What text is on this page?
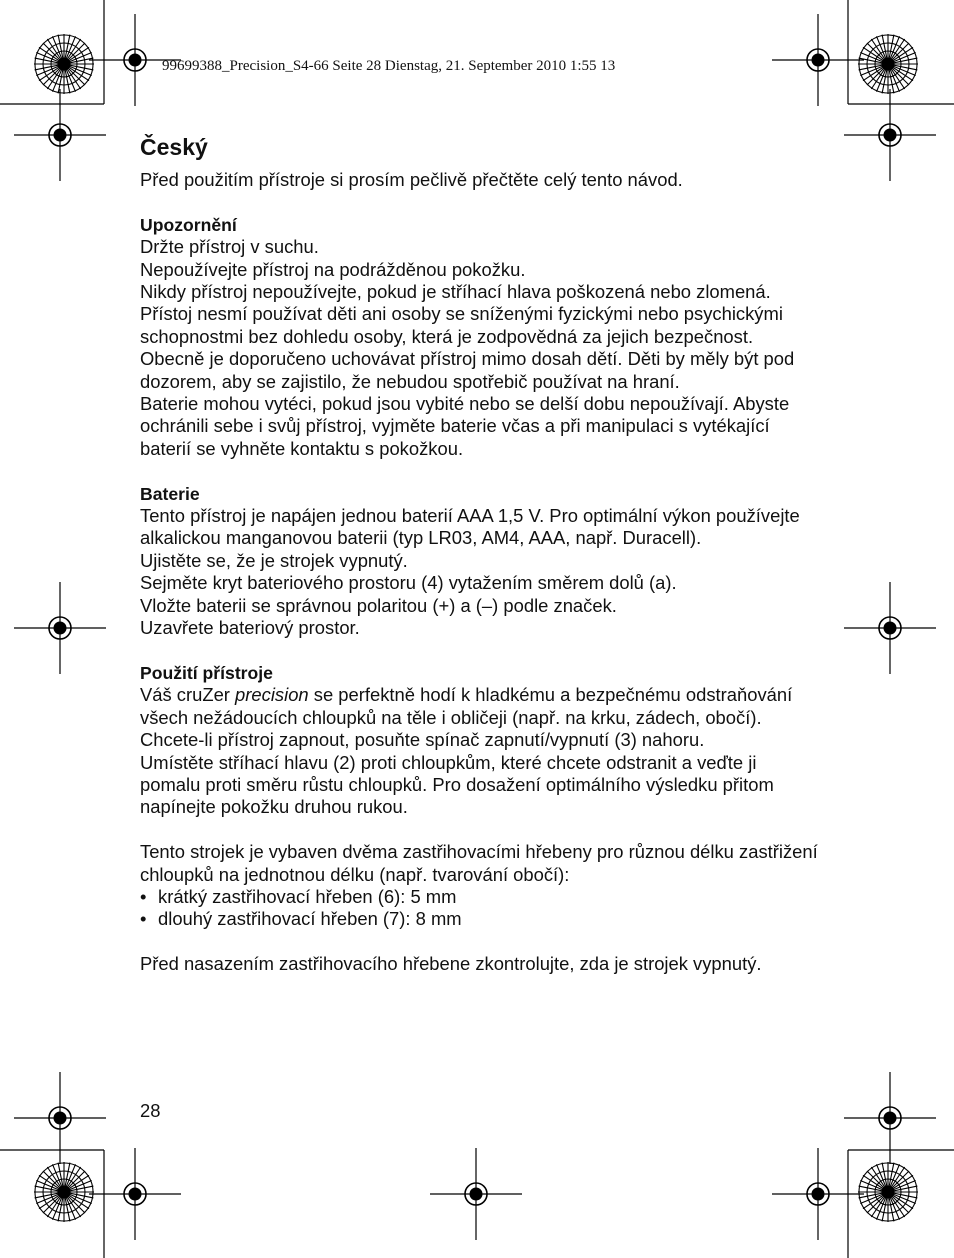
99699388_Precision_S4-66 Seite 28 Dienstag, 21. September 2010 1:55 13
Český

Před použitím přístroje si prosím pečlivě přečtěte celý tento návod.

Upozornění

Držte přístroj v suchu.
Nepoužívejte přístroj na podrážděnou pokožku.
Nikdy přístroj nepoužívejte, pokud je stříhací hlava poškozená nebo zlomená.
Přístoj nesmí používat děti ani osoby se sníženými fyzickými nebo psychickými schopnostmi bez dohledu osoby, která je zodpovědná za jejich bezpečnost. Obecně je doporučeno uchovávat přístroj mimo dosah dětí. Děti by měly být pod dozorem, aby se zajistilo, že nebudou spotřebič používat na hraní.
Baterie mohou vytéci, pokud jsou vybité nebo se delší dobu nepoužívají. Abyste ochránili sebe i svůj přístroj, vyjměte baterie včas a při manipulaci s vytékající baterií se vyhněte kontaktu s pokožkou.

Baterie

Tento přístroj je napájen jednou baterií AAA 1,5 V. Pro optimální výkon používejte alkalickou manganovou baterii (typ LR03, AM4, AAA, např. Duracell).
Ujistěte se, že je strojek vypnutý.
Sejměte kryt bateriového prostoru (4) vytažením směrem dolů (a).
Vložte baterii se správnou polaritou (+) a (–) podle značek.
Uzavřete bateriový prostor.

Použití přístroje

Váš cruZer precision se perfektně hodí k hladkému a bezpečnému odstraňování všech nežádoucích chloupků na těle i obličeji (např. na krku, zádech, obočí).
Chcete-li přístroj zapnout, posuňte spínač zapnutí/vypnutí (3) nahoru.
Umístěte stříhací hlavu (2) proti chloupkům, které chcete odstranit a veďte ji pomalu proti směru růstu chloupků. Pro dosažení optimálního výsledku přitom napínejte pokožku druhou rukou.

Tento strojek je vybaven dvěma zastřihovacími hřebeny pro různou délku zastřižení chloupků na jednotnou délku (např. tvarování obočí):

• krátký zastřihovací hřeben (6): 5 mm
• dlouhý zastřihovací hřeben (7): 8 mm

Před nasazením zastřihovacího hřebene zkontrolujte, zda je strojek vypnutý.

28
